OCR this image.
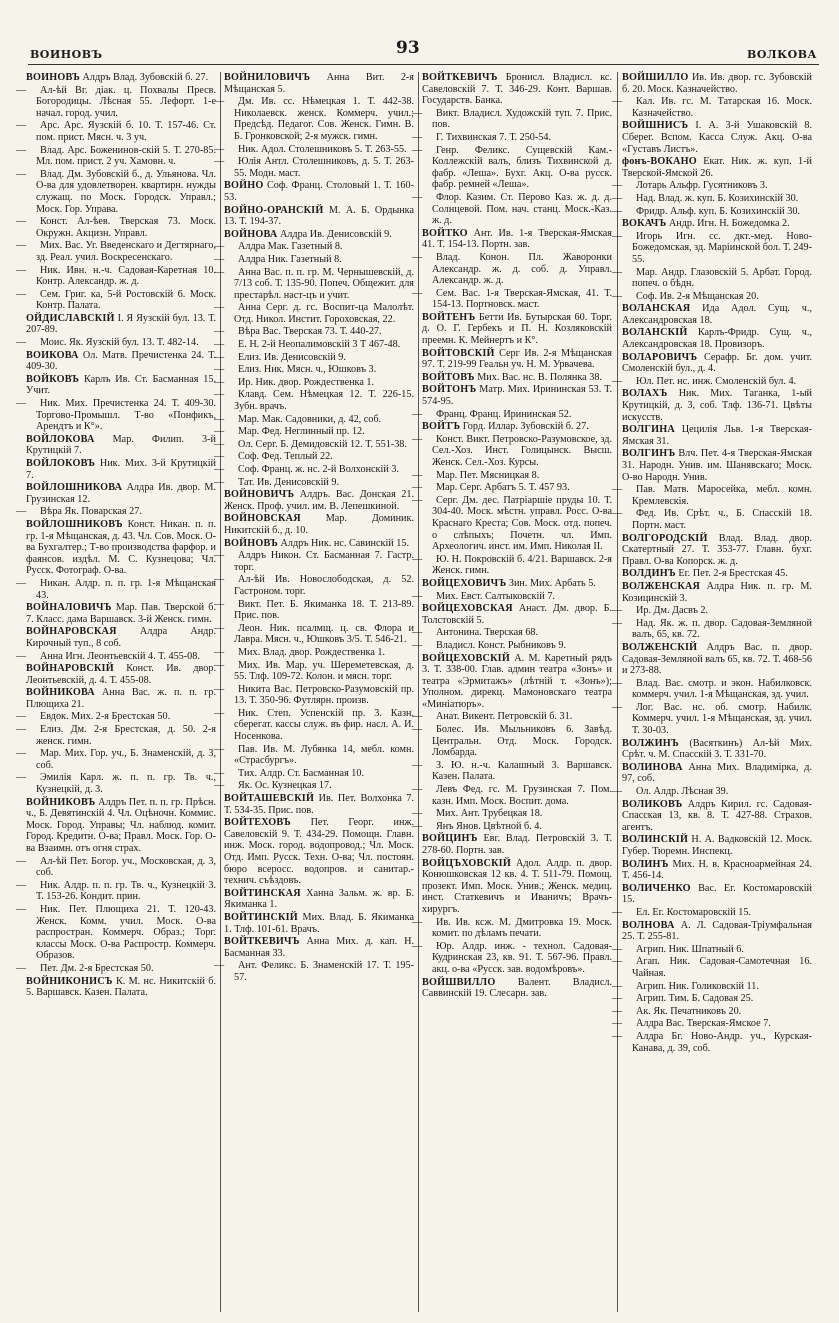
ВОИНОВЪ	93	ВОЛКОВА
ВОИНОВЪ Алдръ Влад. Зубовскій б. 27.
— Ал-ѣй Вг. діак. ц. Похвалы Пресв. Богородицы. Лѣсная 55. Лефорт. 1-е начал. город. учил.
— Арс. Арс. Яузскій б. 10. Т. 157-46. Ст. пом. прист. Мясн. ч. 3 уч.
— Влад. Арс. Боженинов-скій 5. Т. 270-85. Мл. пом. прист. 2 уч. Хамовн. ч.
— Влад. Дм. Зубовскій б., д. Ульянова. Чл. О-ва для удовлетворен. квартирн. нужды служащ. по Моск. Городск. Управл.; Моск. Гор. Управа.
— Конст. Ал-ѣев. Тверская 73. Моск. Окружн. Акцизн. Управл.
— Мих. Вас. Уг. Введенскаго и Дегтярнаго, зд. Реал. учил. Воскресенскаго.
— Ник. Ивн. н.-ч. Садовая-Каретная 10. Контр. Александр. ж. д.
— Сем. Григ. ка, 5-й Ростовскій 6. Моск. Контр. Палата.
ОЙДИСЛАВСКІЙ І. Я Яузскій бул. 13. Т. 207-89.
— Моис. Як. Яузскій бул. 13. Т. 482-14.
ВОИКОВА Ол. Матв. Пречистенка 24. Т. 409-30.
ВОЙКОВЪ Карлъ Ив. Ст. Басманная 15. Учит.
— Ник. Мих. Пречистенка 24. Т. 409-30. Торгово-Промышл. Т-во «Понфикъ, Арендтъ и К°».
ВОЙЛОКОВА Мар. Филип. 3-й Крутицкій 7.
ВОЙЛОКОВЪ Ник. Мих. 3-й Крутицкій 7.
ВОЙЛОШНИКОВА Алдра Ив. двор. М. Грузинская 12.
— Вѣра Як. Поварская 27.
ВОЙЛОШНИКОВЪ Конст. Никан. п. п. гр. 1-я Мѣщанская, д. 43. Чл. Сов. Моск. О-ва Бухгалтер.; Т-во производства фарфор. и фаянсов. издѣл. М. С. Кузнецова; Чл. Русск. Фотограф. О-ва.
— Никан. Алдр. п. п. гр. 1-я Мѣщанская 43.
ВОЙНАЛОВИЧЪ Мар. Пав. Тверской б. 7. Класс. дама Варшавск. 3-й Женск. гимн.
ВОЙНАРОВСКАЯ Алдра Андр. Кирочный туп., 8 соб.
— Анна Игн. Леонтьевскій 4. Т. 455-08.
ВОЙНАРОВСКІЙ Конст. Ив. двор. Леонтьевскій, д. 4. Т. 455-08.
ВОЙНИКОВА Анна Вас. ж. п. п. гр. Плющиха 21.
— Евдок. Мих. 2-я Брестская 50.
— Елиз. Дм. 2-я Брестская, д. 50. 2-я женск. гимн.
— Мар. Мих. Гор. уч., Б. Знаменскій, д. 3, соб.
— Эмилія Карл. ж. п. п. гр. Тв. ч., Кузнецкій, д. 3.
ВОЙНИКОВЪ Алдръ Пет. п. п. гр. Прѣсн. ч., Б. Девятинскій 4. Чл. Оцѣночн. Коммис. Моск. Город. Управы; Чл. наблюд. комит. Город. Кредитн. О-ва; Правл. Моск. Гор. О-ва Взаимн. отъ огня страх.
— Ал-ѣй Пет. Богор. уч., Московская, д. 3, соб.
— Ник. Алдр. п. п. гр. Тв. ч., Кузнецкій 3. Т. 153-26. Кондит. прин.
— Ник. Пет. Плющиха 21. Т. 120-43. Женск. Комм. учил. Моск. О-ва распростран. Коммерч. Образ.; Торг. классы Моск. О-ва Распростр. Коммерч. Образов.
— Пет. Дм. 2-я Брестская 50.
ВОЙНИКОНИСЪ К. М. нс. Никитскій б. 5. Варшавск. Казен. Палата.
ВОЙНИЛОВИЧЪ Анна Вит. 2-я Мѣщанская 5.
— Дм. Ив. сс. Нѣмецкая 1. Т. 442-38. Николаевск. женск. Коммерч. учил.; Предсѣд. Педагог. Сов. Женск. Гимн. В. Б. Гронковской; 2-я мужск. гимн.
— Ник. Адол. Столешниковъ 5. Т. 263-55.
— Юлія Антл. Столешниковъ, д. 5. Т. 263-55. Модн. маст.
ВОЙНО Соф. Франц. Столовый 1. Т. 160-53.
ВОЙНО-ОРАНСКІЙ М. А. Б. Ордынка 13. Т. 194-37.
ВОЙНОВА Алдра Ив. Денисовскій 9.
— Алдра Мак. Газетный 8.
— Алдра Ник. Газетный 8.
— Анна Вас. п. п. гр. М. Чернышевскій, д. 7/13 соб. Т. 135-90. Попеч. Общежит. для престарѣл. наст-цъ и учит.
— Анна Серг. д. гс. Воспит-ца Малолѣт. Отд. Никол. Инстит. Гороховская, 22.
— Вѣра Вас. Тверская 73. Т. 440-27.
— Е. Н. 2-й Неопалимовскій 3 Т 467-48.
— Елиз. Ив. Денисовскій 9.
— Елиз. Ник. Мясн. ч., Юшковъ 3.
— Ир. Ник. двор. Рождественка 1.
— Клавд. Сем. Нѣмецкая 12. Т. 226-15. Зубн. врачъ.
— Мар. Мак. Садовники, д. 42, соб.
— Мар. Фед. Неглинный пр. 12.
— Ол. Серг. Б. Демидовскій 12. Т. 551-38.
— Соф. Фед. Теплый 22.
— Соф. Франц. ж. нс. 2-й Волхонскій 3.
— Тат. Ив. Денисовскій 9.
ВОЙНОВИЧЪ Алдръ. Вас. Донская 21. Женск. Проф. учил. им. В. Лепешкиной.
ВОЙНОВСКАЯ Мар. Доминик. Никитскій б., д. 10.
ВОЙНОВЪ Алдръ Ник. нс. Савинскій 15.
— Алдръ Никон. Ст. Басманная 7. Гастр. торг.
— Ал-ѣй Ив. Новослободская, д. 52. Гастроном. торг.
— Викт. Пет. Б. Якиманка 18. Т. 213-89. Прис. пов.
— Леон. Ник. псалмщ. ц. св. Флора и Лавра. Мясн. ч., Юшковъ 3/5. Т. 546-21.
— Мих. Влад. двор. Рождественка 1.
— Мих. Ив. Мар. уч. Шереметевская, д. 55. Тлф. 109-72. Колон. и мясн. торг.
— Никита Вас. Петровско-Разумовскій пр. 13. Т. 350-96. Футлярн. произв.
— Ник. Степ. Успенскій пр. 3. Казн. сберегат. кассы служ. въ фир. насл. А. И. Носенкова.
— Пав. Ив. М. Лубянка 14, мебл. комн. «Страсбургъ».
— Тих. Алдр. Ст. Басманная 10.
— Як. Ос. Кузнецкая 17.
ВОЙТАШЕВСКІЙ Ив. Пет. Волхонка 7. Т. 534-35. Прис. пов.
ВОЙТЕХОВЪ Пет. Георг. инж. Савеловскій 9. Т. 434-29. Помощн. Главн. инж. Моск. город. водопровод.; Чл. Моск. Отд. Имп. Русск. Техн. О-ва; Чл. постоян. бюро всеросс. водопров. и санитар.-технич. съѣздовъ.
ВОЙТИНСКАЯ Ханна Зальм. ж. вр. Б. Якиманка 1.
ВОЙТИНСКІЙ Мих. Влад. Б. Якиманка 1. Тлф. 101-61. Врачъ.
ВОЙТКЕВИЧЪ Анна Мих. д. кап. Н. Басманная 33.
— Ант. Феликс. Б. Знаменскій 17. Т. 195-57.
ВОЙТКЕВИЧЪ Бронисл. Владисл. кс. Савеловскій 7. Т. 346-29. Конт. Варшав. Государств. Банка.
— Викт. Владисл. Художскій туп. 7. Прис. пов.
— Г. Тихвинская 7. Т. 250-54.
— Генр. Феликс. Сущевскій Кам.-Коллежскій валъ, близъ Тихвинской д. фабр. «Леша». Бухг. Акц. О-ва русск. фабр. ремней «Леша».
— Флор. Казим. Ст. Перово Каз. ж. д. д. Солнцевой. Пом. нач. станц. Моск.-Каз. ж. д.
ВОЙТКО Ант. Ив. 1-я Тверская-Ямская 41. Т. 154-13. Портн. зав.
— Влад. Конон. Пл. Жаворонки Александр. ж. д. соб. д. Управл. Александр. ж. д.
— Сем. Вас. 1-я Тверская-Ямская, 41. Т. 154-13. Портновск. маст.
ВОЙТЕНЪ Бетти Ив. Бутырская 60. Торг. д. О. Г. Гербекъ и П. Н. Козляковскій преемн. К. Мейнертъ и К°.
ВОЙТОВСКІЙ Серг Ив. 2-я Мѣщанская 97. Т. 219-99 Геальн уч. Н. М. Урвачева.
ВОЙТОВЪ Мих. Вас. нс. В. Полянка 38.
ВОЙТОНЪ Матр. Мих. Ирининская 53. Т. 574-95.
— Франц. Франц. Ирининская 52.
ВОЙТЪ Горд. Иллар. Зубовскій б. 27.
— Конст. Викт. Петровско-Разумовское, зд. Сел.-Хоз. Инст. Голицынск. Высш. Женск. Сел.-Хоз. Курсы.
— Мар. Пет. Мясницкая 8.
— Мар. Серг. Арбатъ 5. Т. 457 93.
— Серг. Дм. дес. Патріаршіе пруды 10. Т. 304-40. Моск. мѣстн. управл. Росс. О-ва Краснаго Креста; Сов. Моск. отд. попеч. о слѣпыхъ; Почетн. чл. Имп. Археологич. инст. им. Имп. Николая II.
— Ю. Н. Покровскій б. 4/21. Варшавск. 2-я Женск. гимн.
ВОЙЦЕХОВИЧЪ Зин. Мих. Арбать 5.
— Мих. Евст. Салтыковскій 7.
ВОЙЦЕХОВСКАЯ Анаст. Дм. двор. Б. Толстовскій 5.
— Антонина. Тверская 68.
— Владисл. Конст. Рыбниковъ 9.
ВОЙЦЕХОВСКІЙ А. М. Каретный рядъ 3. Т. 338-00. Глав. админ театра «Зонъ» и театра «Эрмитажъ» (лѣтній т. «Зонъ»); Уполном. дирекц. Мамоновскаго театра «Миніатюръ».
— Анат. Викент. Петровскій б. 31.
— Болес. Ив. Мыльниковъ 6. Завѣд. Центральн. Отд. Моск. Городск. Ломбарда.
— З. Ю. н.-ч. Калашный 3. Варшавск. Казен. Палата.
— Левъ Фед. гс. М. Грузинская 7. Пом. казн. Имп. Моск. Воспит. дома.
— Мих. Ант. Трубецкая 18.
— Янъ Янов. Цвѣтной б. 4.
ВОЙЦИНЪ Евг. Влад. Петровскій 3. Т. 278-60. Портн. зав.
ВОЙЦЪХОВСКІЙ Адол. Алдр. п. двор. Конюшковская 12 кв. 4. Т. 511-79. Помощ. прозект. Имп. Моск. Унив.; Женск. медиц. инст. Статкевичъ и Иваничъ; Врачъ-хирургъ.
— Ив. Ив. ксж. М. Дмитровка 19. Моск. комит. по дѣламъ печати.
— Юр. Алдр. инж. - технол. Садовая-Кудринская 23, кв. 91. Т. 567-96. Правл. акц. о-ва «Русск. зав. водомѣровъ».
ВОЙШВИЛЛО Валент. Владисл. Саввинскій 19. Слесарн. зав.
ВОЙШИЛЛО Ив. Ив. двор. гс. Зубовскій б. 20. Моск. Казначейство.
— Кал. Ив. гс. М. Татарская 16. Моск. Казначейство.
ВОЙШНИСЪ І. А. 3-й Ушаковскій 8. Сберег. Вспом. Касса Служ. Акц. О-ва «Густавъ Листъ».
фонъ-ВОКАНО Екат. Ник. ж. куп. 1-й Тверской-Ямской 26.
— Лотарь Альфр. Гусятниковъ 3.
— Над. Влад. ж. куп. Б. Козихинскій 30.
— Фридр. Альф. куп. Б. Козихинскій 30.
ВОКАЧЪ Андр. Игн. Н. Божедомка 2.
— Игорь Игн. сс. дкт.-мед. Ново-Божедомская, зд. Маріинской бол. Т. 249-55.
— Мар. Андр. Глазовскій 5. Арбат. Город. попеч. о бѣдн.
— Соф. Ив. 2-я Мѣщанская 20.
ВОЛАНСКАЯ Ида Адол. Сущ. ч., Александровская 18.
ВОЛАНСКІЙ Карлъ-Фридр. Сущ. ч., Александровская 18. Провизоръ.
ВОЛАРОВИЧЪ Серафр. Бг. дом. учит. Смоленскій бул., д. 4.
— Юл. Пет. нс. инж. Смоленскій бул. 4.
ВОЛАХЪ Ник. Мих. Таганка, 1-ый Крутицкій, д. 3, соб. Тлф. 136-71. Цвѣты искусств.
ВОЛГИНА Цецилія Льв. 1-я Тверская-Ямская 31.
ВОЛГИНЪ Влч. Пет. 4-я Тверская-Ямская 31. Народн. Унив. им. Шанявскаго; Моск. О-во Народн. Унив.
— Пав. Матв. Маросейка, мебл. комн. Кремлевскія.
— Фед. Ив. Срѣт. ч., Б. Спасскій 18. Портн. маст.
ВОЛГОРОДСКІЙ Влад. Влад. двор. Скатертный 27. Т. 353-77. Главн. бухг. Правл. О-ва Копорск. ж. д.
ВОЛДИНЪ Ег. Пет. 2-я Брестская 45.
ВОЛЖЕНСКАЯ Алдра Ник. п. гр. М. Козицинскій 3.
— Ир. Дм. Дасвъ 2.
— Над. Як. ж. п. двор. Садовая-Земляной валъ, 65, кв. 72.
ВОЛЖЕНСКІЙ Алдръ Вас. п. двор. Садовая-Земляной валъ 65, кв. 72. Т. 468-56 и 273-88.
— Влад. Вас. смотр. и экон. Набилковск. коммерч. учил. 1-я Мѣщанская, зд. учил.
— Лог. Вас. нс. об. смотр. Набилк. Коммерч. учил. 1-я Мѣщанская, зд. учил. Т. 30-03.
ВОЛЖИНЪ (Васяткинъ) Ал-ѣй Мих. Срѣт. ч. М. Спасскій 3. Т. 331-70.
ВОЛИНОВА Анна Мих. Владимірка, д. 97, соб.
— Ол. Алдр. Лѣсная 39.
ВОЛИКОВЪ Алдръ Кирил. гс. Садовая-Спасская 13, кв. 8. Т. 427-88. Страхов. агентъ.
ВОЛИНСКІЙ Н. А. Вадковскій 12. Моск. Губер. Тюремн. Инспекц.
ВОЛИНЪ Мих. Н. в. Красноармейная 24. Т. 456-14.
ВОЛИЧЕНКО Вас. Ег. Костомаровскій 15.
— Ел. Ег. Костомаровскій 15.
ВОЛНОВА А. Л. Садовая-Тріумфальная 25. Т. 255-81.
— Агрип. Ник. Шпатный 6.
— Агап. Ник. Садовая-Самотечная 16. Чайная.
— Агрип. Ник. Голиковскій 11.
— Агрип. Тим. Б. Садовая 25.
— Ак. Як. Печатниковъ 20.
— Алдра Вас. Тверская-Ямское 7.
— Алдра Бг. Ново-Андр. уч., Курская-Канава, д. 39, соб.
